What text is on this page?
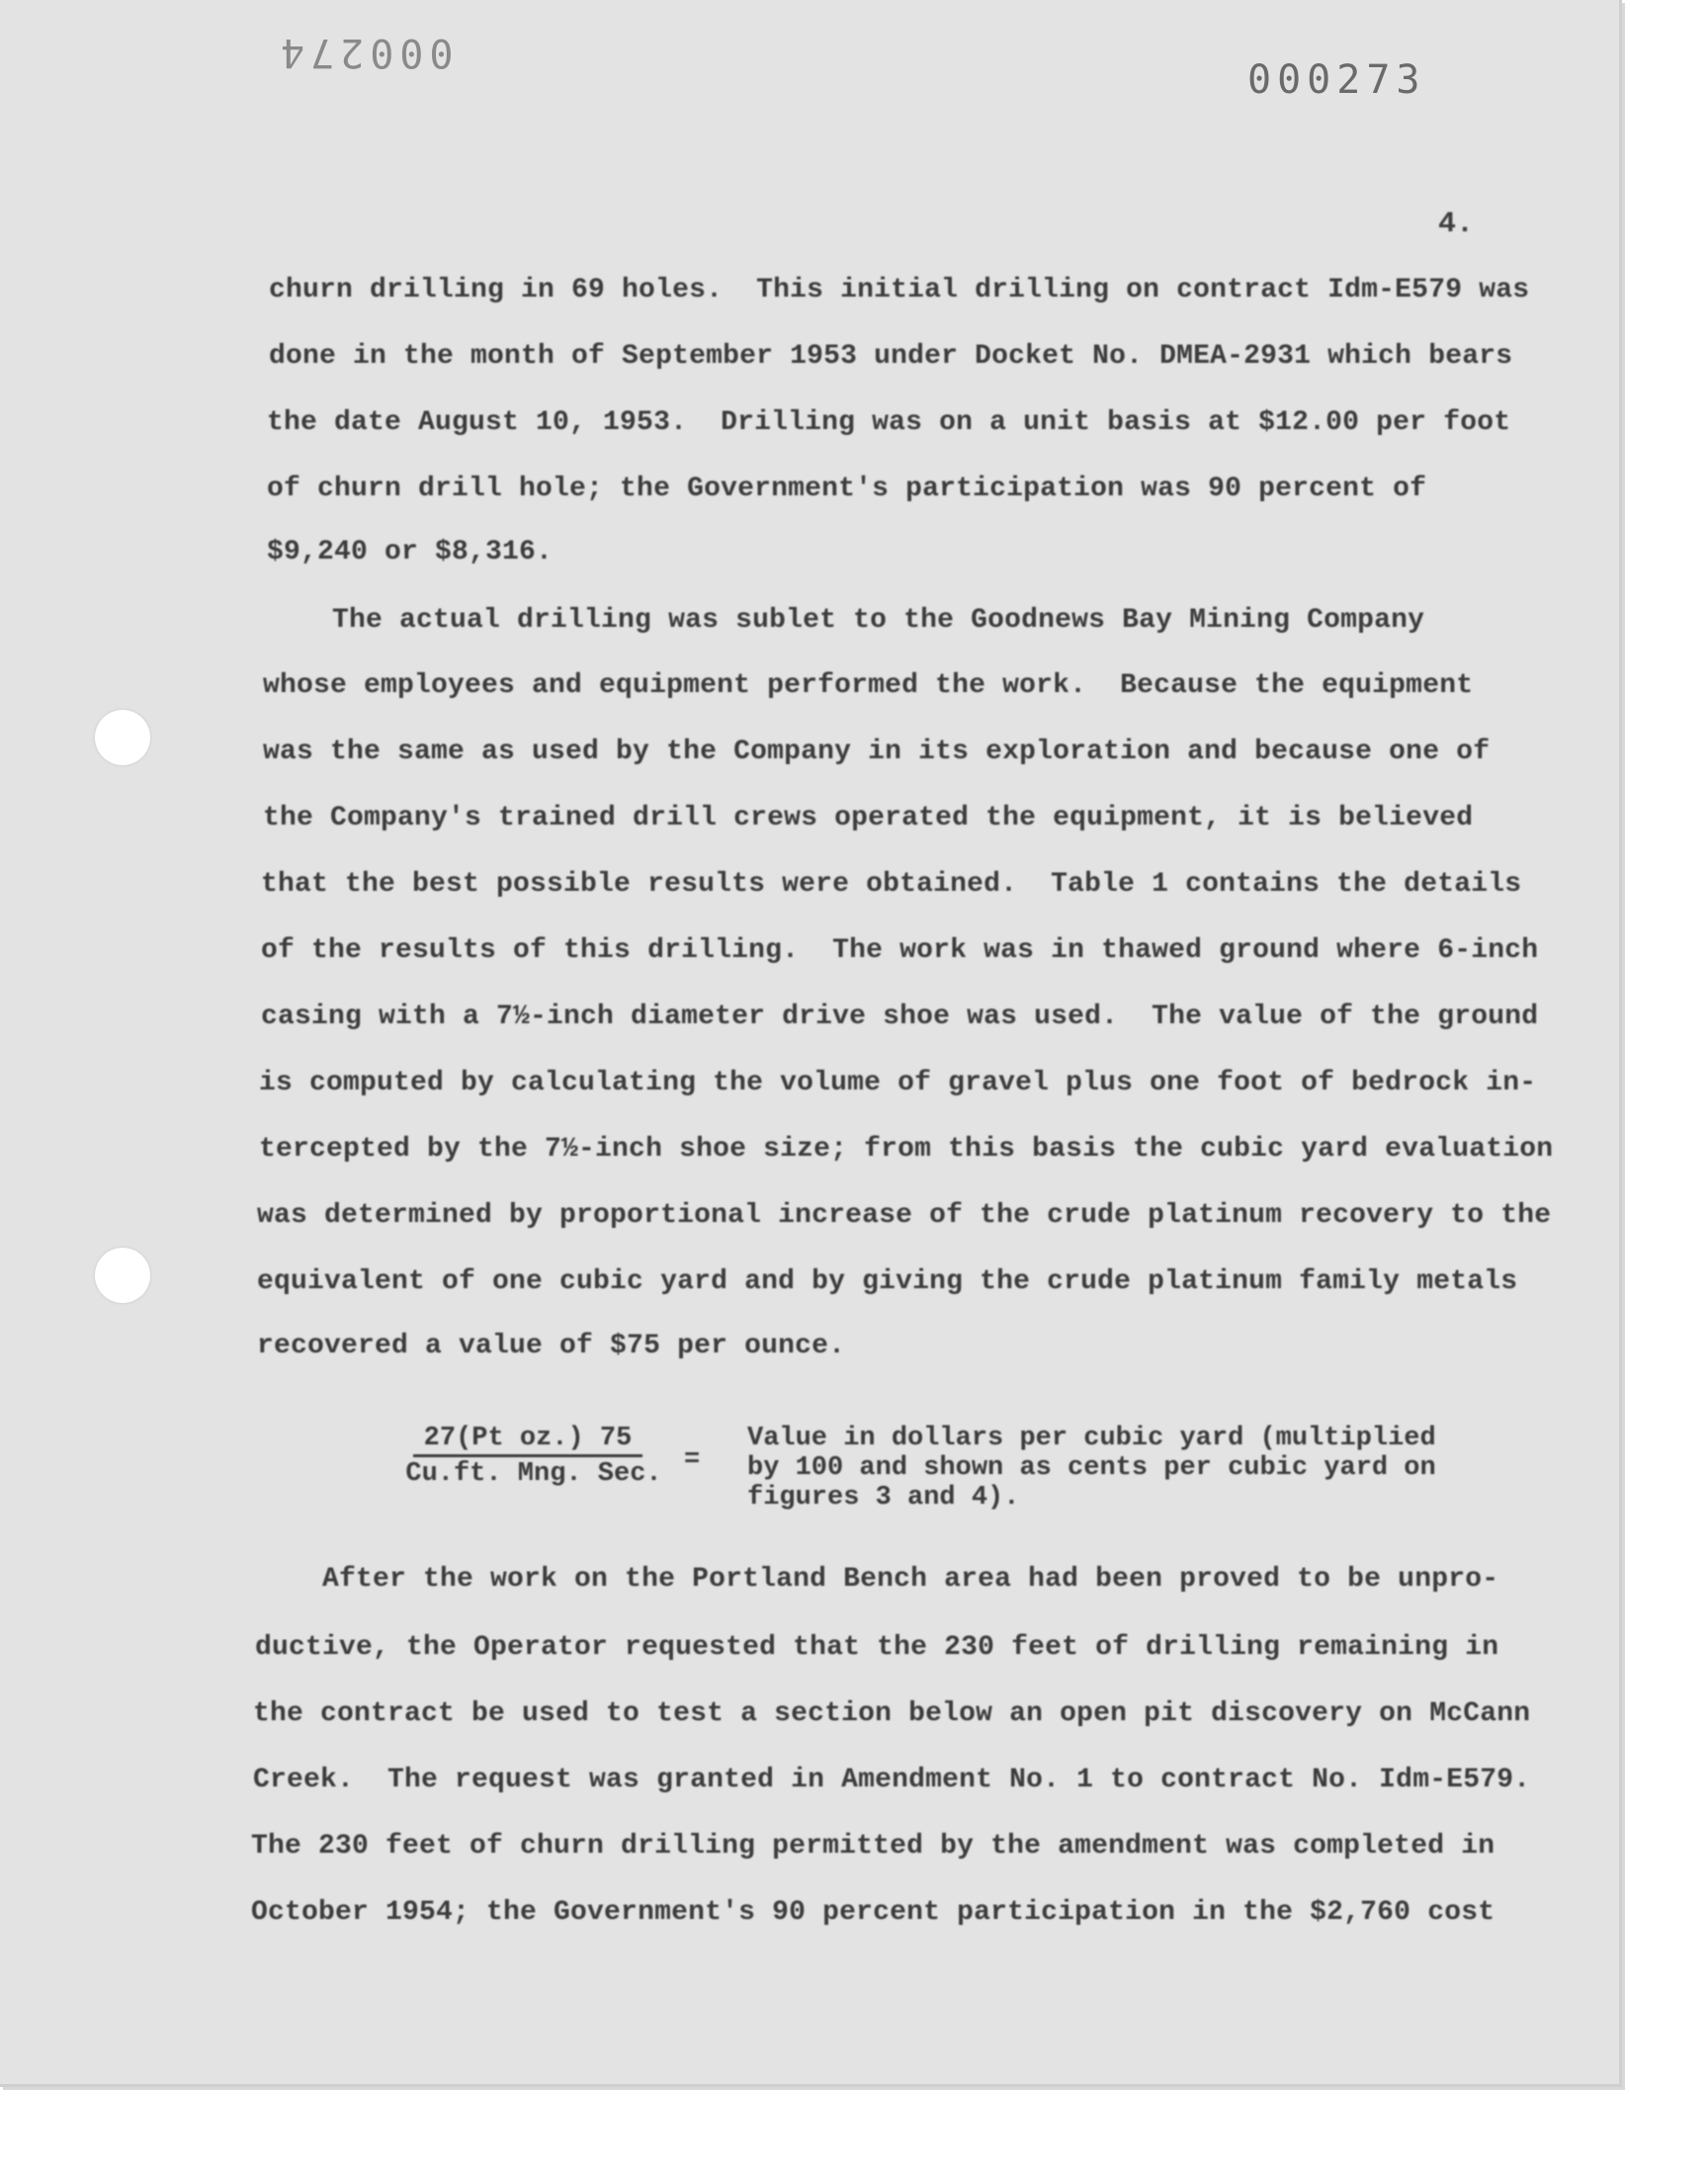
000274
000273
4.
churn drilling in 69 holes.  This initial drilling on contract Idm-E579 was
done in the month of September 1953 under Docket No. DMEA-2931 which bears
the date August 10, 1953.  Drilling was on a unit basis at $12.00 per foot
of churn drill hole; the Government's participation was 90 percent of
$9,240 or $8,316.
The actual drilling was sublet to the Goodnews Bay Mining Company
whose employees and equipment performed the work.  Because the equipment
was the same as used by the Company in its exploration and because one of
the Company's trained drill crews operated the equipment, it is believed
that the best possible results were obtained.  Table 1 contains the details
of the results of this drilling.  The work was in thawed ground where 6-inch
casing with a 7½-inch diameter drive shoe was used.  The value of the ground
is computed by calculating the volume of gravel plus one foot of bedrock in-
tercepted by the 7½-inch shoe size; from this basis the cubic yard evaluation
was determined by proportional increase of the crude platinum recovery to the
equivalent of one cubic yard and by giving the crude platinum family metals
recovered a value of $75 per ounce.
27(Pt oz.) 75
Cu.ft. Mng. Sec. =
Value in dollars per cubic yard (multiplied
by 100 and shown as cents per cubic yard on
figures 3 and 4).
After the work on the Portland Bench area had been proved to be unpro-
ductive, the Operator requested that the 230 feet of drilling remaining in
the contract be used to test a section below an open pit discovery on McCann
Creek.  The request was granted in Amendment No. 1 to contract No. Idm-E579.
The 230 feet of churn drilling permitted by the amendment was completed in
October 1954; the Government's 90 percent participation in the $2,760 cost
